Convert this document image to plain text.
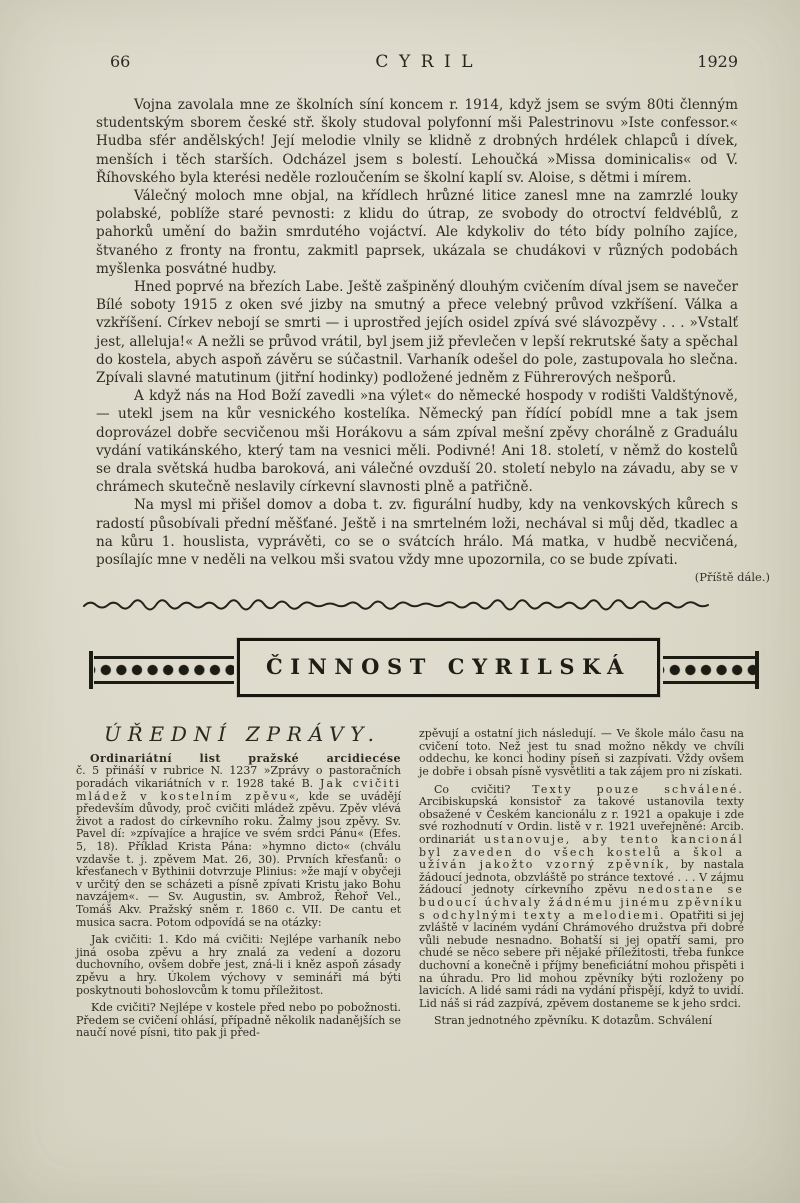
66	CYRIL	1929

Vojna zavolala mne ze školních síní koncem r. 1914, když jsem se svým 80ti členným studentským sborem české stř. školy studoval polyfonní mši Palestrinovu »Iste confessor.« Hudba sfér andělských! Její melodie vlnily se klidně z drobných hrdélek chlapců i dívek, menších i těch starších. Odcházel jsem s bolestí. Lehoučká »Missa dominicalis« od V. Říhovského byla kterési neděle rozloučením se školní kaplí sv. Aloise, s dětmi i mírem.

Válečný moloch mne objal, na křídlech hrůzné litice zanesl mne na zamrzlé louky polabské, poblíže staré pevnosti: z klidu do útrap, ze svobody do otroctví feldvéblů, z pahorků umění do bažin smrdutého vojáctví. Ale kdykoliv do této bídy polního zajíce, štvaného z fronty na frontu, zakmitl paprsek, ukázala se chudákovi v různých podobách myšlenka posvátné hudby.

Hned poprvé na březích Labe. Ještě zašpiněný dlouhým cvičením díval jsem se navečer Bílé soboty 1915 z oken své jizby na smutný a přece velebný průvod vzkříšení. Válka a vzkříšení. Církev nebojí se smrti — i uprostřed jejích osidel zpívá své slávozpěvy . . . »Vstalť jest, alleluja!« A nežli se průvod vrátil, byl jsem již převlečen v lepší rekrutské šaty a spěchal do kostela, abych aspoň závěru se súčastnil. Varhaník odešel do pole, zastupovala ho slečna. Zpívali slavné matutinum (jitřní hodinky) podložené jedněm z Führerových nešporů.

A když nás na Hod Boží zavedli »na výlet« do německé hospody v rodišti Valdštýnově, — utekl jsem na kůr vesnického kostelíka. Německý pan řídící pobídl mne a tak jsem doprovázel dobře secvičenou mši Horákovu a sám zpíval mešní zpěvy chorálně z Graduálu vydání vatikánského, který tam na vesnici měli. Podivné! Ani 18. století, v němž do kostelů se drala světská hudba baroková, ani válečné ovzduší 20. století nebylo na závadu, aby se v chrámech skutečně neslavily církevní slavnosti plně a patřičně.

Na mysl mi přišel domov a doba t. zv. figurální hudby, kdy na venkovských kůrech s radostí působívali přední měšťané. Ještě i na smrtelném loži, nechával si můj děd, tkadlec a na kůru 1. houslista, vyprávěti, co se o svátcích hrálo. Má matka, v hudbě necvičená, posílajíc mne v neděli na velkou mši svatou vždy mne upozornila, co se bude zpívati.

(Příště dále.)
ČINNOST CYRILSKÁ
ÚŘEDNÍ ZPRÁVY.

Ordinariátní list pražské arcidiecése

č. 5 přináší v rubrice N. 1237 »Zprávy o pastoračních poradách vikariátních v r. 1928 také B. Jak cvičiti mládež v kostelním zpěvu«, kde se uvádějí především důvody, proč cvičiti mládež zpěvu. Zpěv vlévá život a radost do církevního roku. Žalmy jsou zpěvy. Sv. Pavel dí: »zpívajíce a hrajíce ve svém srdci Pánu« (Efes. 5, 18). Příklad Krista Pána: »hymno dicto« (chválu vzdavše t. j. zpěvem Mat. 26, 30). Prvních křesťanů: o křesťanech v Bythinii dotvrzuje Plinius: »že mají v obyčeji v určitý den se scházeti a písně zpívati Kristu jako Bohu navzájem«. — Sv. Augustin, sv. Ambrož, Řehoř Vel., Tomáš Akv. Pražský sněm r. 1860 c. VII. De cantu et musica sacra. Potom odpovídá se na otázky:

Jak cvičiti: 1. Kdo má cvičiti: Nejlépe varhaník nebo jiná osoba zpěvu a hry znalá za vedení a dozoru duchovního, ovšem dobře jest, zná-li i kněz aspoň zásady zpěvu a hry. Úkolem výchovy v semináři má býti poskytnouti bohoslovcům k tomu příležitost.

Kde cvičiti? Nejlépe v kostele před nebo po pobožnosti. Předem se cvičení ohlásí, případně několik nadanějších se naučí nové písni, tito pak ji před-

zpěvují a ostatní jich následují. — Ve škole málo času na cvičení toto. Než jest tu snad možno někdy ve chvíli oddechu, ke konci hodiny píseň si zazpívati. Vždy ovšem je dobře i obsah písně vysvětliti a tak zájem pro ni získati.

Co cvičiti? Texty pouze schválené. Arcibiskupská konsistoř za takové ustanovila texty obsažené v Českém kancionálu z r. 1921 a opakuje i zde své rozhodnutí v Ordin. listě v r. 1921 uveřejněné: Arcib. ordinariát ustanovuje, aby tento kancionál byl zaveden do všech kostelů a škol a užíván jakožto vzorný zpěvník, by nastala žádoucí jednota, obzvláště po stránce textové . . . V zájmu žádoucí jednoty církevního zpěvu nedostane se budoucí úchvaly žádnému jinému zpěvníku s odchylnými texty a melodiemi. Opatřiti si jej zvláště v laciném vydání Chrámového družstva při dobré vůli nebude nesnadno. Bohatší si jej opatří sami, pro chudé se něco sebere při nějaké příležitosti, třeba funkce duchovní a konečně i příjmy beneficiátní mohou přispěti i na úhradu. Pro lid mohou zpěvníky býti rozloženy po lavicích. A lidé sami rádi na vydání přispějí, když to uvidí. Lid náš si rád zazpívá, zpěvem dostaneme se k jeho srdci.

Stran jednotného zpěvníku. K dotazům. Schválení
